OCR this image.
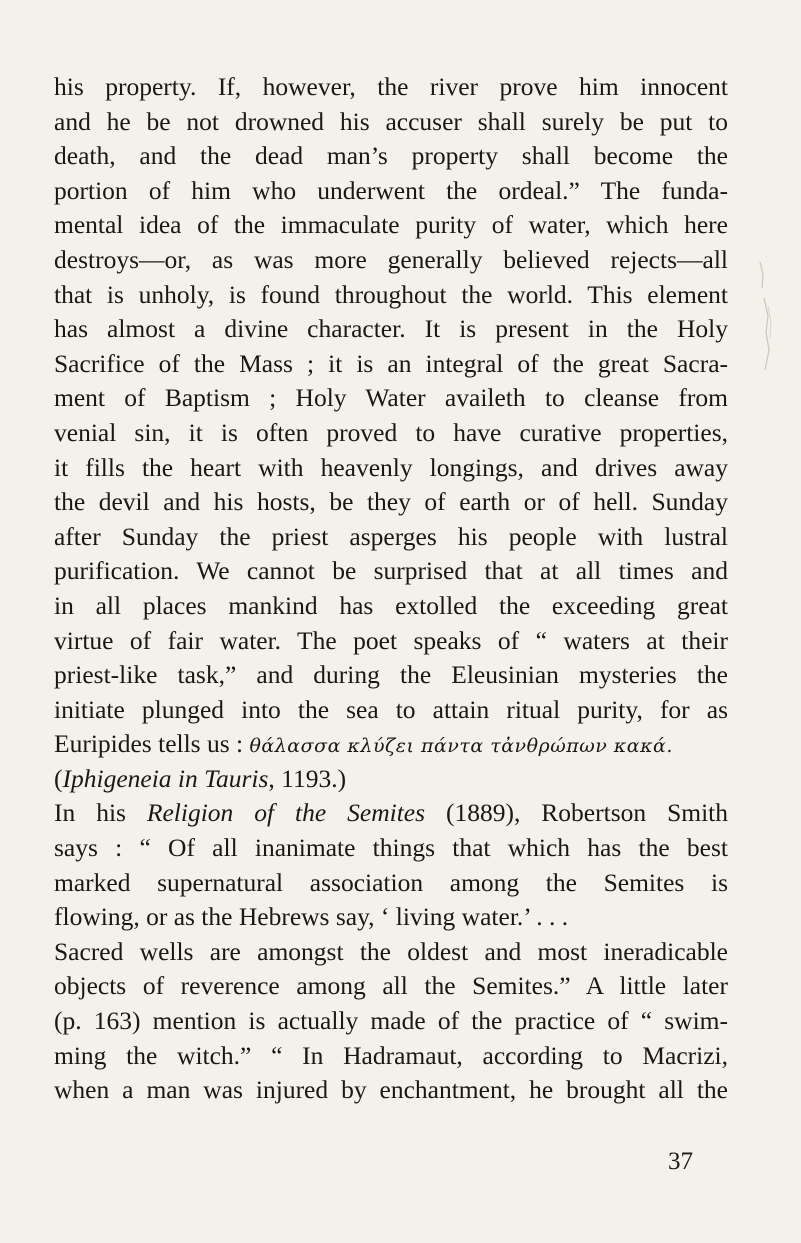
his property. If, however, the river prove him innocent
and he be not drowned his accuser shall surely be put to
death, and the dead man’s property shall become the
portion of him who underwent the ordeal.” The funda-
mental idea of the immaculate purity of water, which here
destroys—or, as was more generally believed rejects—all
that is unholy, is found throughout the world. This element
has almost a divine character. It is present in the Holy
Sacrifice of the Mass ; it is an integral of the great Sacra-
ment of Baptism ; Holy Water availeth to cleanse from
venial sin, it is often proved to have curative properties,
it fills the heart with heavenly longings, and drives away
the devil and his hosts, be they of earth or of hell. Sunday
after Sunday the priest asperges his people with lustral
purification. We cannot be surprised that at all times and
in all places mankind has extolled the exceeding great
virtue of fair water. The poet speaks of “ waters at their
priest-like task,” and during the Eleusinian mysteries the
initiate plunged into the sea to attain ritual purity, for as
Euripides tells us : θάλασσα κλύζει πάντα τἀνθρώπων κακά.
(Iphigeneia in Tauris, 1193.)
In his Religion of the Semites (1889), Robertson Smith
says : “ Of all inanimate things that which has the best
marked supernatural association among the Semites is
flowing, or as the Hebrews say, ‘ living water.’ . . .
Sacred wells are amongst the oldest and most ineradicable
objects of reverence among all the Semites.” A little later
(p. 163) mention is actually made of the practice of “ swim-
ming the witch.” “ In Hadramaut, according to Macrizi,
when a man was injured by enchantment, he brought all the
37
